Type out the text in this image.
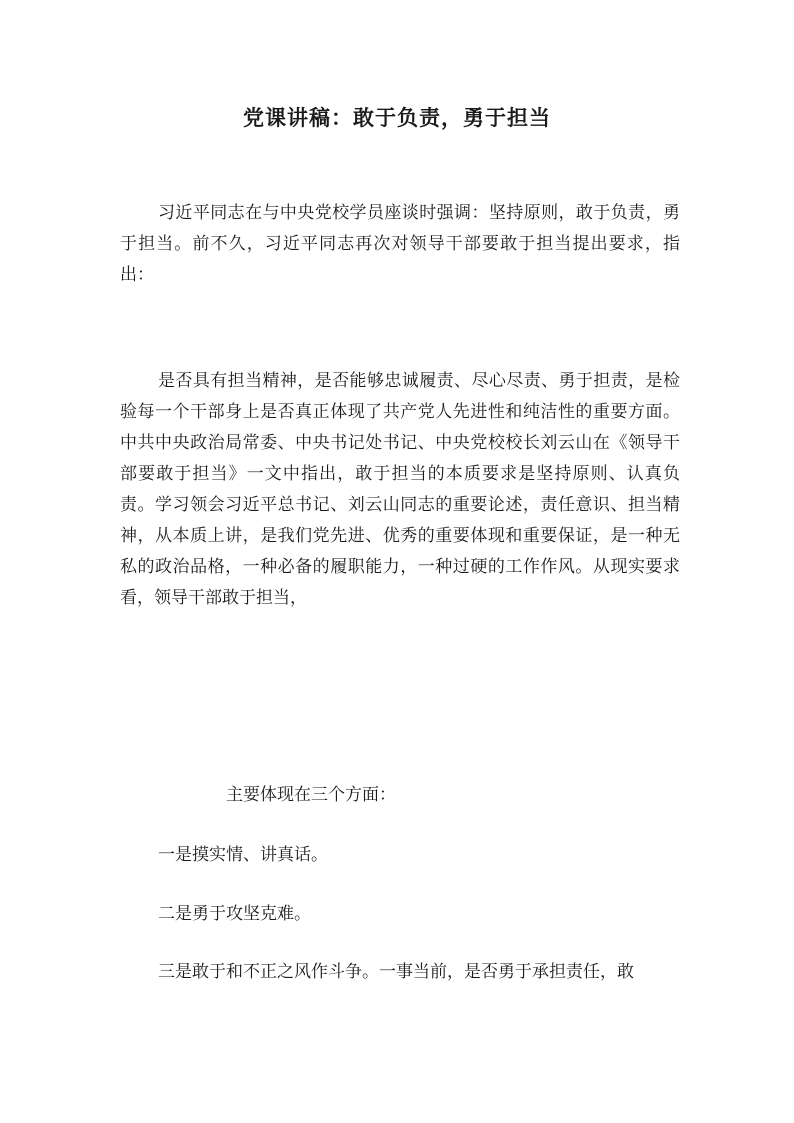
党课讲稿：敢于负责，勇于担当

习近平同志在与中央党校学员座谈时强调：坚持原则，敢于负责，勇于担当。前不久，习近平同志再次对领导干部要敢于担当提出要求，指出：

是否具有担当精神，是否能够忠诚履责、尽心尽责、勇于担责，是检验每一个干部身上是否真正体现了共产党人先进性和纯洁性的重要方面。中共中央政治局常委、中央书记处书记、中央党校校长刘云山在《领导干部要敢于担当》一文中指出，敢于担当的本质要求是坚持原则、认真负责。学习领会习近平总书记、刘云山同志的重要论述，责任意识、担当精神，从本质上讲，是我们党先进、优秀的重要体现和重要保证，是一种无私的政治品格，一种必备的履职能力，一种过硬的工作作风。从现实要求看，领导干部敢于担当，

主要体现在三个方面：

一是摸实情、讲真话。

二是勇于攻坚克难。

三是敢于和不正之风作斗争。一事当前，是否勇于承担责任，敢
